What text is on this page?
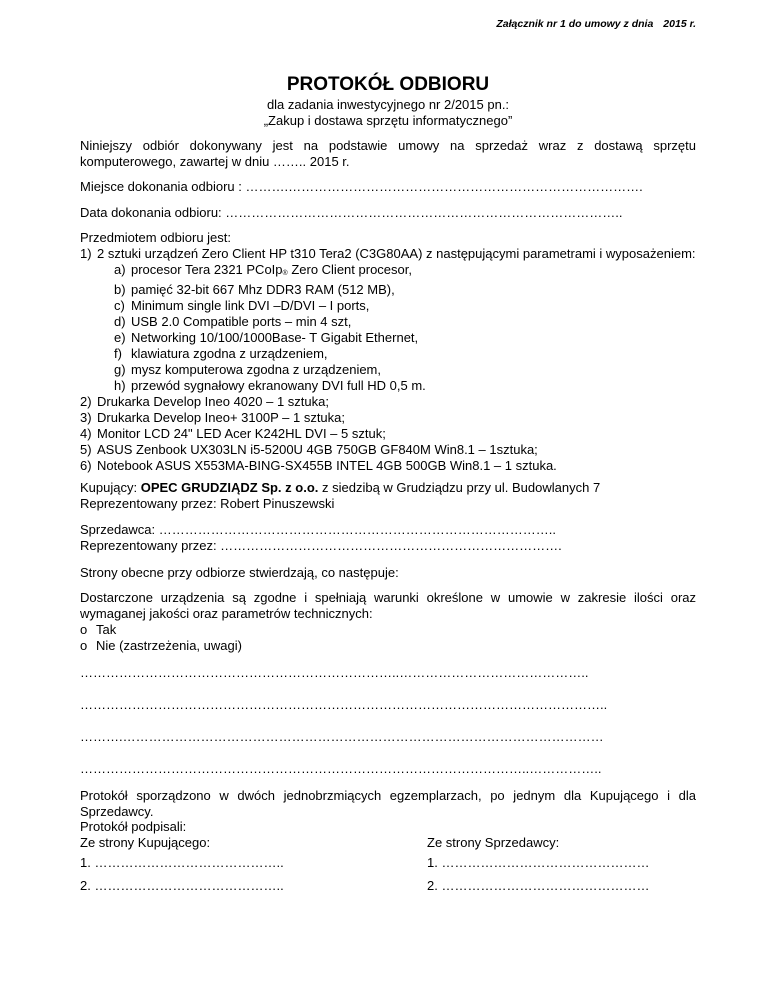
Załącznik nr 1 do umowy z dnia 2015 r.
PROTOKÓŁ ODBIORU
dla zadania inwestycyjnego nr 2/2015 pn.:
„Zakup i dostawa sprzętu informatycznego”
Niniejszy odbiór dokonywany jest na podstawie umowy na sprzedaż wraz z dostawą sprzętu komputerowego, zawartej w dniu …….. 2015 r.
Miejsce dokonania odbioru : ……….……………………………………………………………………….
Data dokonania odbioru: ………………………………………………………………………………..
Przedmiotem odbioru jest:
1) 2 sztuki urządzeń Zero Client HP t310 Tera2 (C3G80AA) z następującymi parametrami i wyposażeniem:
a) procesor Tera 2321 PCoIp® Zero Client procesor,
b) pamięć 32-bit 667 Mhz DDR3 RAM (512 MB),
c) Minimum single link DVI –D/DVI – I ports,
d) USB 2.0 Compatible ports – min 4 szt,
e) Networking 10/100/1000Base- T Gigabit Ethernet,
f) klawiatura zgodna z urządzeniem,
g) mysz komputerowa zgodna z urządzeniem,
h) przewód sygnałowy ekranowany DVI full HD 0,5 m.
2) Drukarka Develop Ineo 4020 – 1 sztuka;
3) Drukarka Develop Ineo+ 3100P – 1 sztuka;
4) Monitor LCD 24" LED Acer K242HL DVI – 5 sztuk;
5) ASUS Zenbook UX303LN i5-5200U 4GB 750GB GF840M Win8.1 – 1sztuka;
6) Notebook ASUS X553MA-BING-SX455B INTEL 4GB 500GB Win8.1 – 1 sztuka.
Kupujący: OPEC GRUDZIĄDZ Sp. z o.o. z siedzibą w Grudziądzu przy ul. Budowlanych 7
Reprezentowany przez: Robert Pinuszewski
Sprzedawca: ………………………………………………………………………………..
Reprezentowany przez: …………………………………………………………………….
Strony obecne przy odbiorze stwierdzają, co następuje:
Dostarczone urządzenia są zgodne i spełniają warunki określone w umowie w zakresie ilości oraz wymaganej jakości oraz parametrów technicznych:
o Tak
o Nie (zastrzeżenia, uwagi)
………………………………………………………………..……………………………………..
…………………………………………………………………………………………………………..
……….…………………………………………………………………………………………………
…………………………………………………………………………………………..……………..
Protokół sporządzono w dwóch jednobrzmiących egzemplarzach, po jednym dla Kupującego i dla Sprzedawcy.
Protokół podpisali:
Ze strony Kupującego:	Ze strony Sprzedawcy:
1. ……………………………………..	1. …………………………………………
2. ……………………………………..	2. …………………………………………
